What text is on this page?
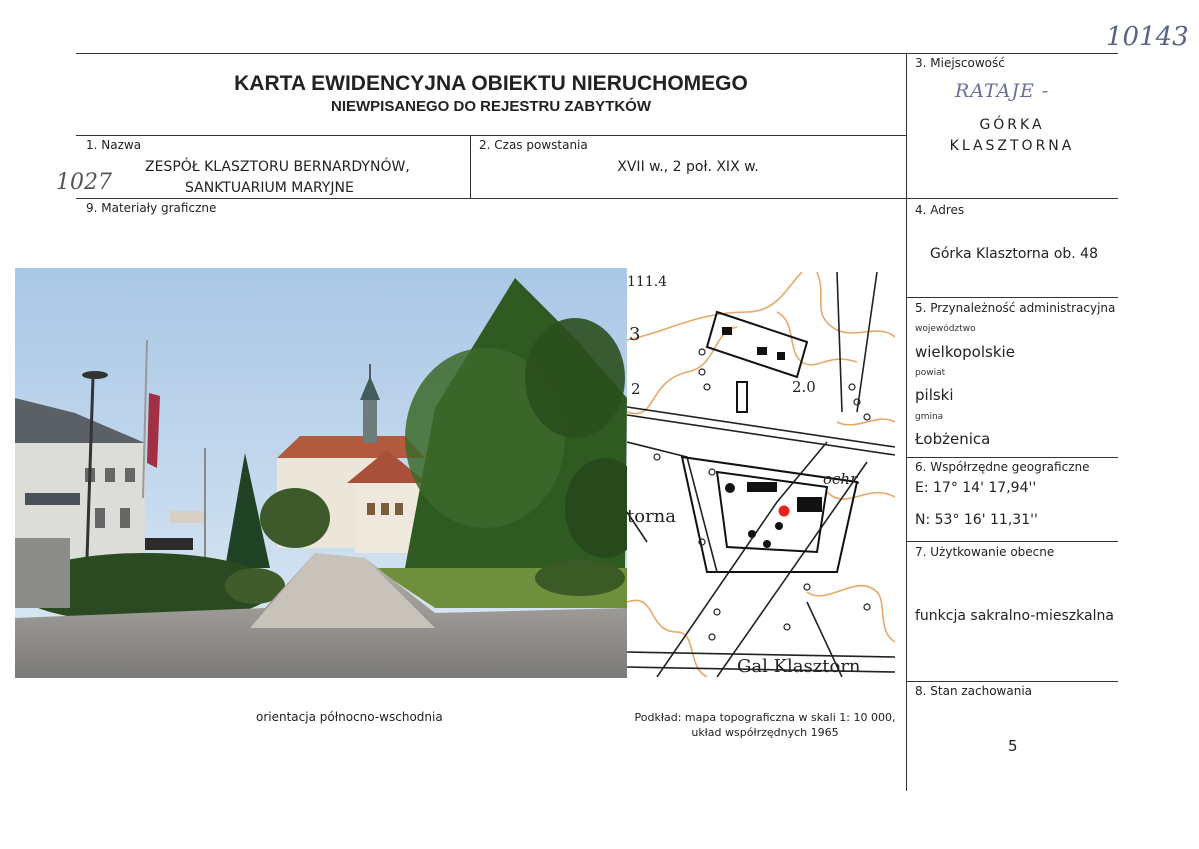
10143
1027
RATAJE -
KARTA EWIDENCYJNA OBIEKTU NIERUCHOMEGO
NIEWPISANEGO DO REJESTRU ZABYTKÓW
1. Nazwa
ZESPÓŁ KLASZTORU BERNARDYNÓW,
SANKTUARIUM MARYJNE
2. Czas powstania
XVII w., 2 poł. XIX w.
3. Miejscowość
GÓRKA
KLASZTORNA
9. Materiały graficzne	4. Adres
Górka Klasztorna ob. 48
5. Przynależność administracyjna
województwo
wielkopolskie
powiat
pilski
gmina
Łobżenica
6. Współrzędne geograficzne
E: 17° 14' 17,94''
N: 53° 16' 11,31''
7. Użytkowanie obecne
funkcja sakralno-mieszkalna
8. Stan zachowania
5
111.4
3
2	2.0
ochr.
torna
Gal Klasztorn
orientacja północno-wschodnia	Podkład: mapa topograficzna w skali 1: 10 000,
układ współrzędnych 1965
